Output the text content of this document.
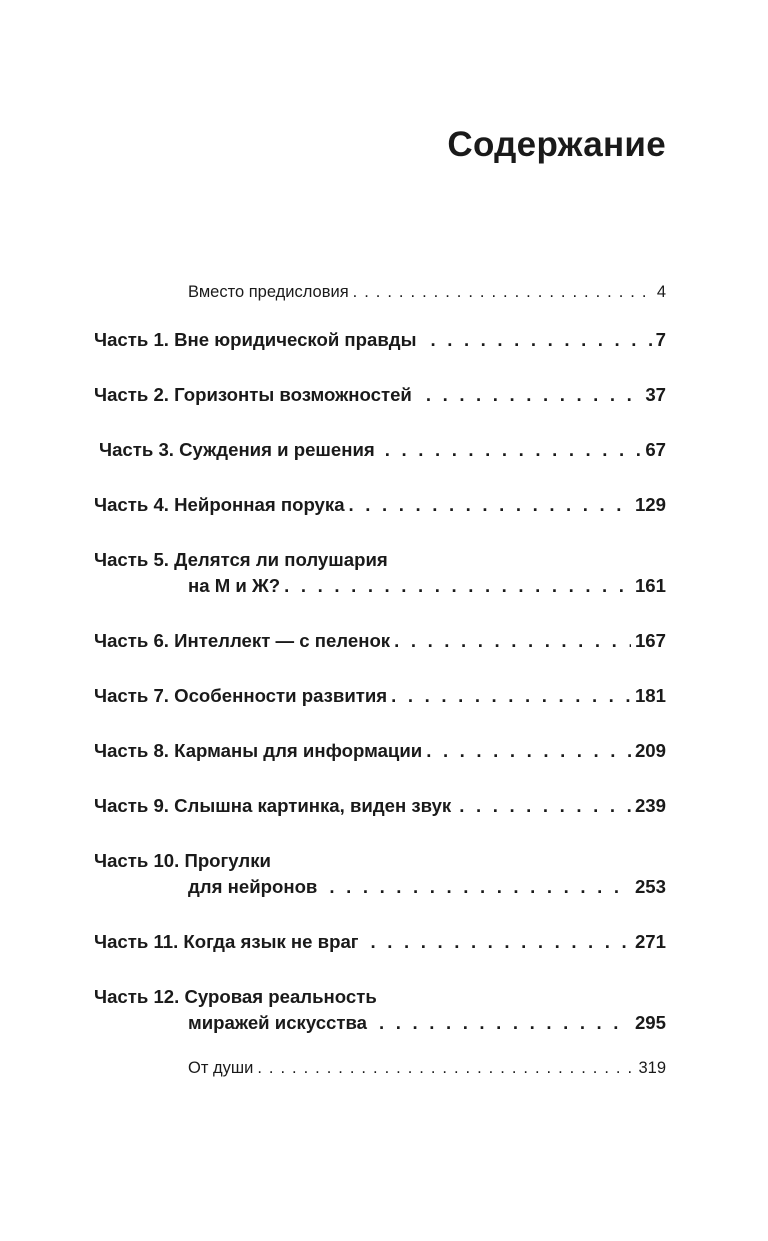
Содержание
Вместо предисловия . . .	4
Часть 1. Вне юридической правды . . .	7
Часть 2. Горизонты возможностей . . .	37
Часть 3. Суждения и решения . . .	67
Часть 4. Нейронная порука . . .	129
Часть 5. Делятся ли полушария
на М и Ж? . . .	161
Часть 6. Интеллект — с пеленок . . .	167
Часть 7. Особенности развития . . .	181
Часть 8. Карманы для информации . . .	209
Часть 9. Слышна картинка, виден звук . . .	239
Часть 10. Прогулки
для нейронов . . .	253
Часть 11. Когда язык не враг . . .	271
Часть 12. Суровая реальность
миражей искусства . . .	295
От души . . .	319
